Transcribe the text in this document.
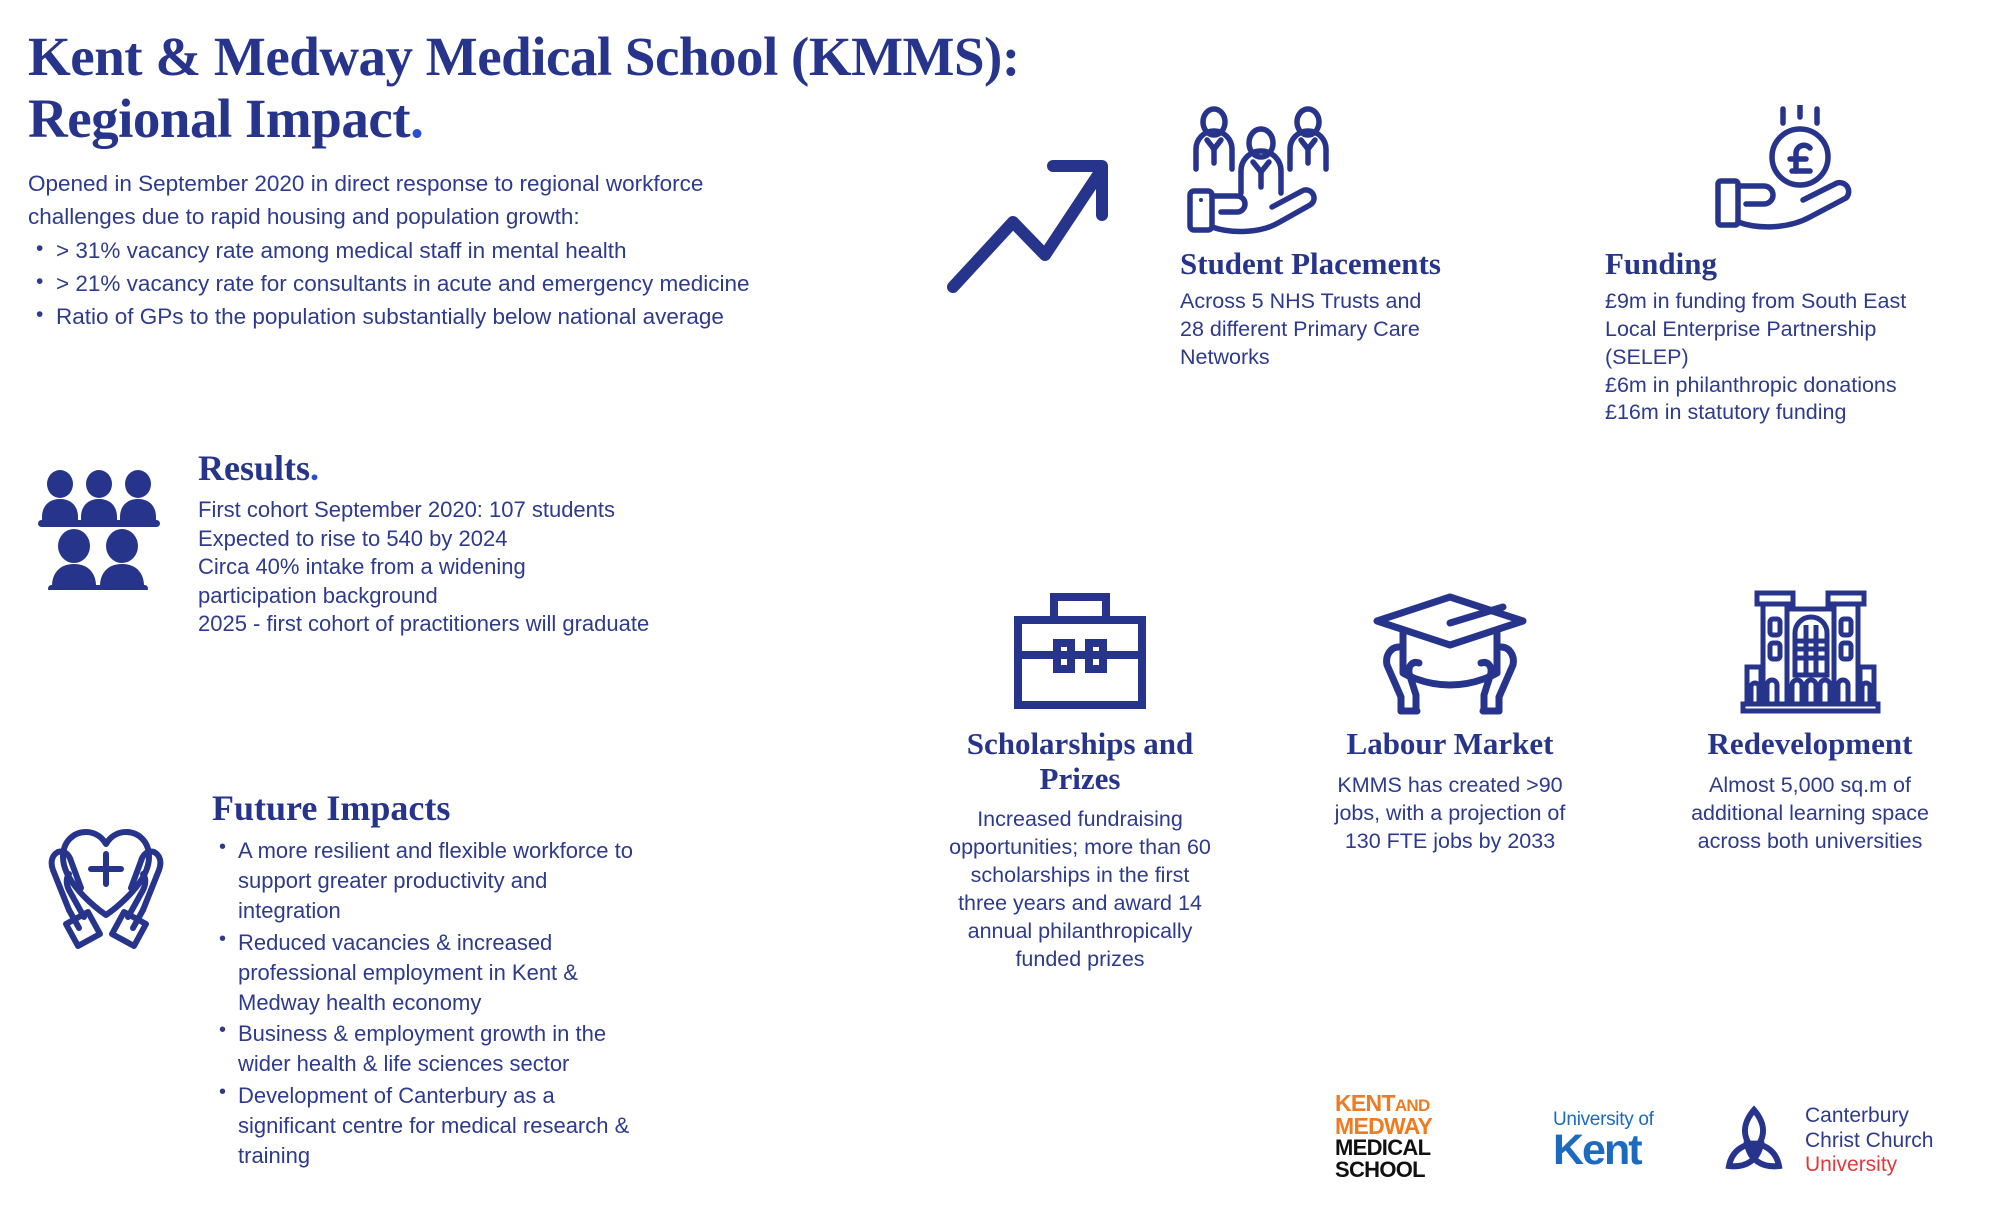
Kent & Medway Medical School (KMMS):
Regional Impact.
Opened in September 2020 in direct response to regional workforce challenges due to rapid housing and population growth:
• > 31% vacancy rate among medical staff in mental health
• > 21% vacancy rate for consultants in acute and emergency medicine
• Ratio of GPs to the population substantially below national average
Student Placements

Across 5 NHS Trusts and

28 different Primary Care

Networks

Funding

£9m in funding from South East

Local Enterprise Partnership

(SELEP)

£6m in philanthropic donations

£16m in statutory funding

Results.

First cohort September 2020: 107 students

Expected to rise to 540 by 2024

Circa 40% intake from a widening participation background

2025 - first cohort of practitioners will graduate

Future Impacts
• A more resilient and flexible workforce to support greater productivity and integration
• Reduced vacancies & increased professional employment in Kent & Medway health economy
• Business & employment growth in the wider health & life sciences sector
• Development of Canterbury as a significant centre for medical research & training
Scholarships and
Prizes

Increased fundraising

opportunities; more than 60

scholarships in the first

three years and award 14

annual philanthropically

funded prizes

Labour Market

KMMS has created >90

jobs, with a projection of

130 FTE jobs by 2033

Redevelopment

Almost 5,000 sq.m of

additional learning space

across both universities

KENTAND
MEDWAY
MEDICAL
SCHOOL
University of
Kent
Canterbury
Christ Church
University
